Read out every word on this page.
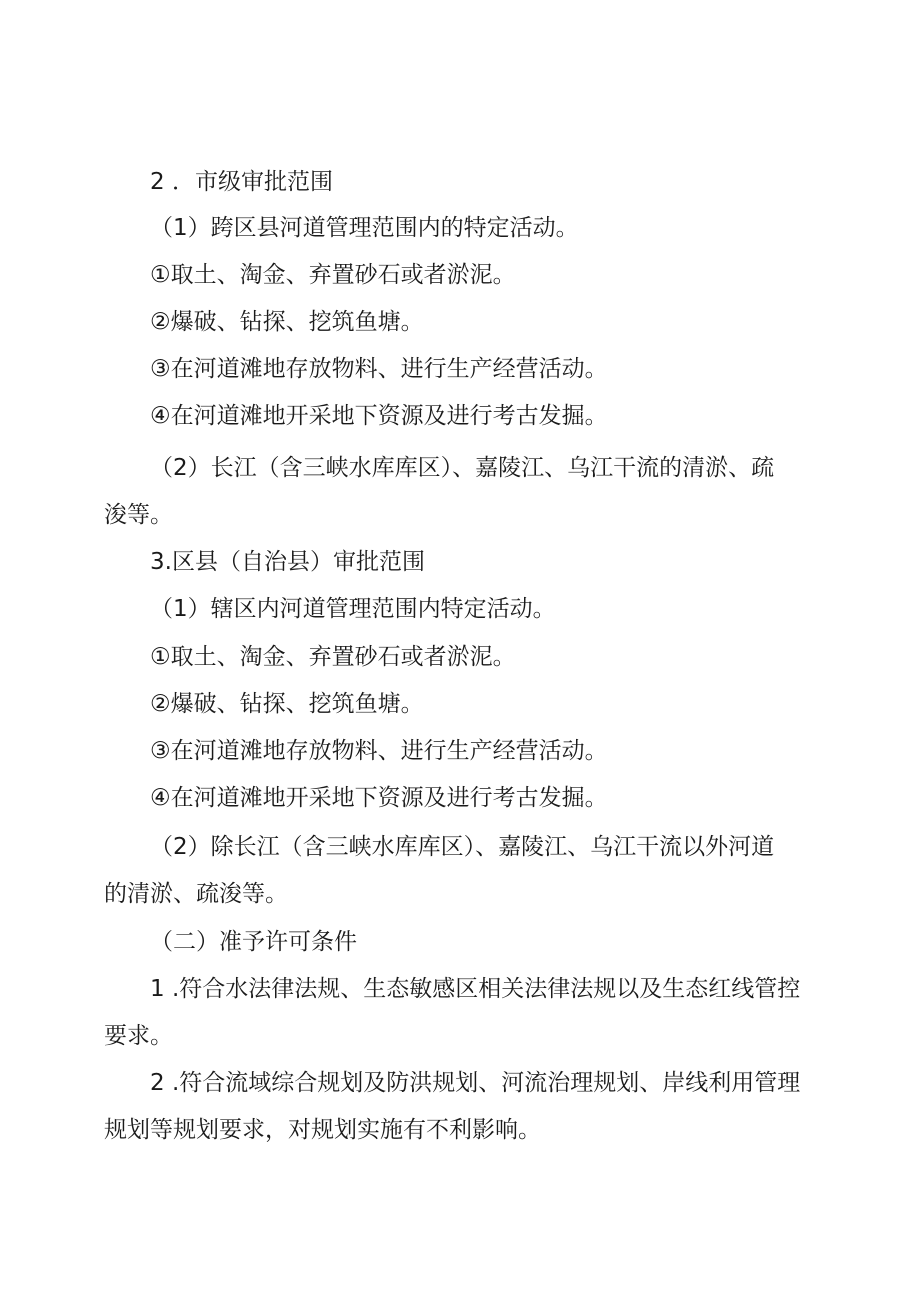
2 ．市级审批范围
（1）跨区县河道管理范围内的特定活动。
①取土、淘金、弃置砂石或者淤泥。
②爆破、钻探、挖筑鱼塘。
③在河道滩地存放物料、进行生产经营活动。
④在河道滩地开采地下资源及进行考古发掘。
（2）长江（含三峡水库库区）、嘉陵江、乌江干流的清淤、疏
浚等。
3.区县（自治县）审批范围
（1）辖区内河道管理范围内特定活动。
①取土、淘金、弃置砂石或者淤泥。
②爆破、钻探、挖筑鱼塘。
③在河道滩地存放物料、进行生产经营活动。
④在河道滩地开采地下资源及进行考古发掘。
（2）除长江（含三峡水库库区）、嘉陵江、乌江干流以外河道
的清淤、疏浚等。
（二）准予许可条件
1 .符合水法律法规、生态敏感区相关法律法规以及生态红线管控
要求。
2 .符合流域综合规划及防洪规划、河流治理规划、岸线利用管理
规划等规划要求，对规划实施有不利影响。
